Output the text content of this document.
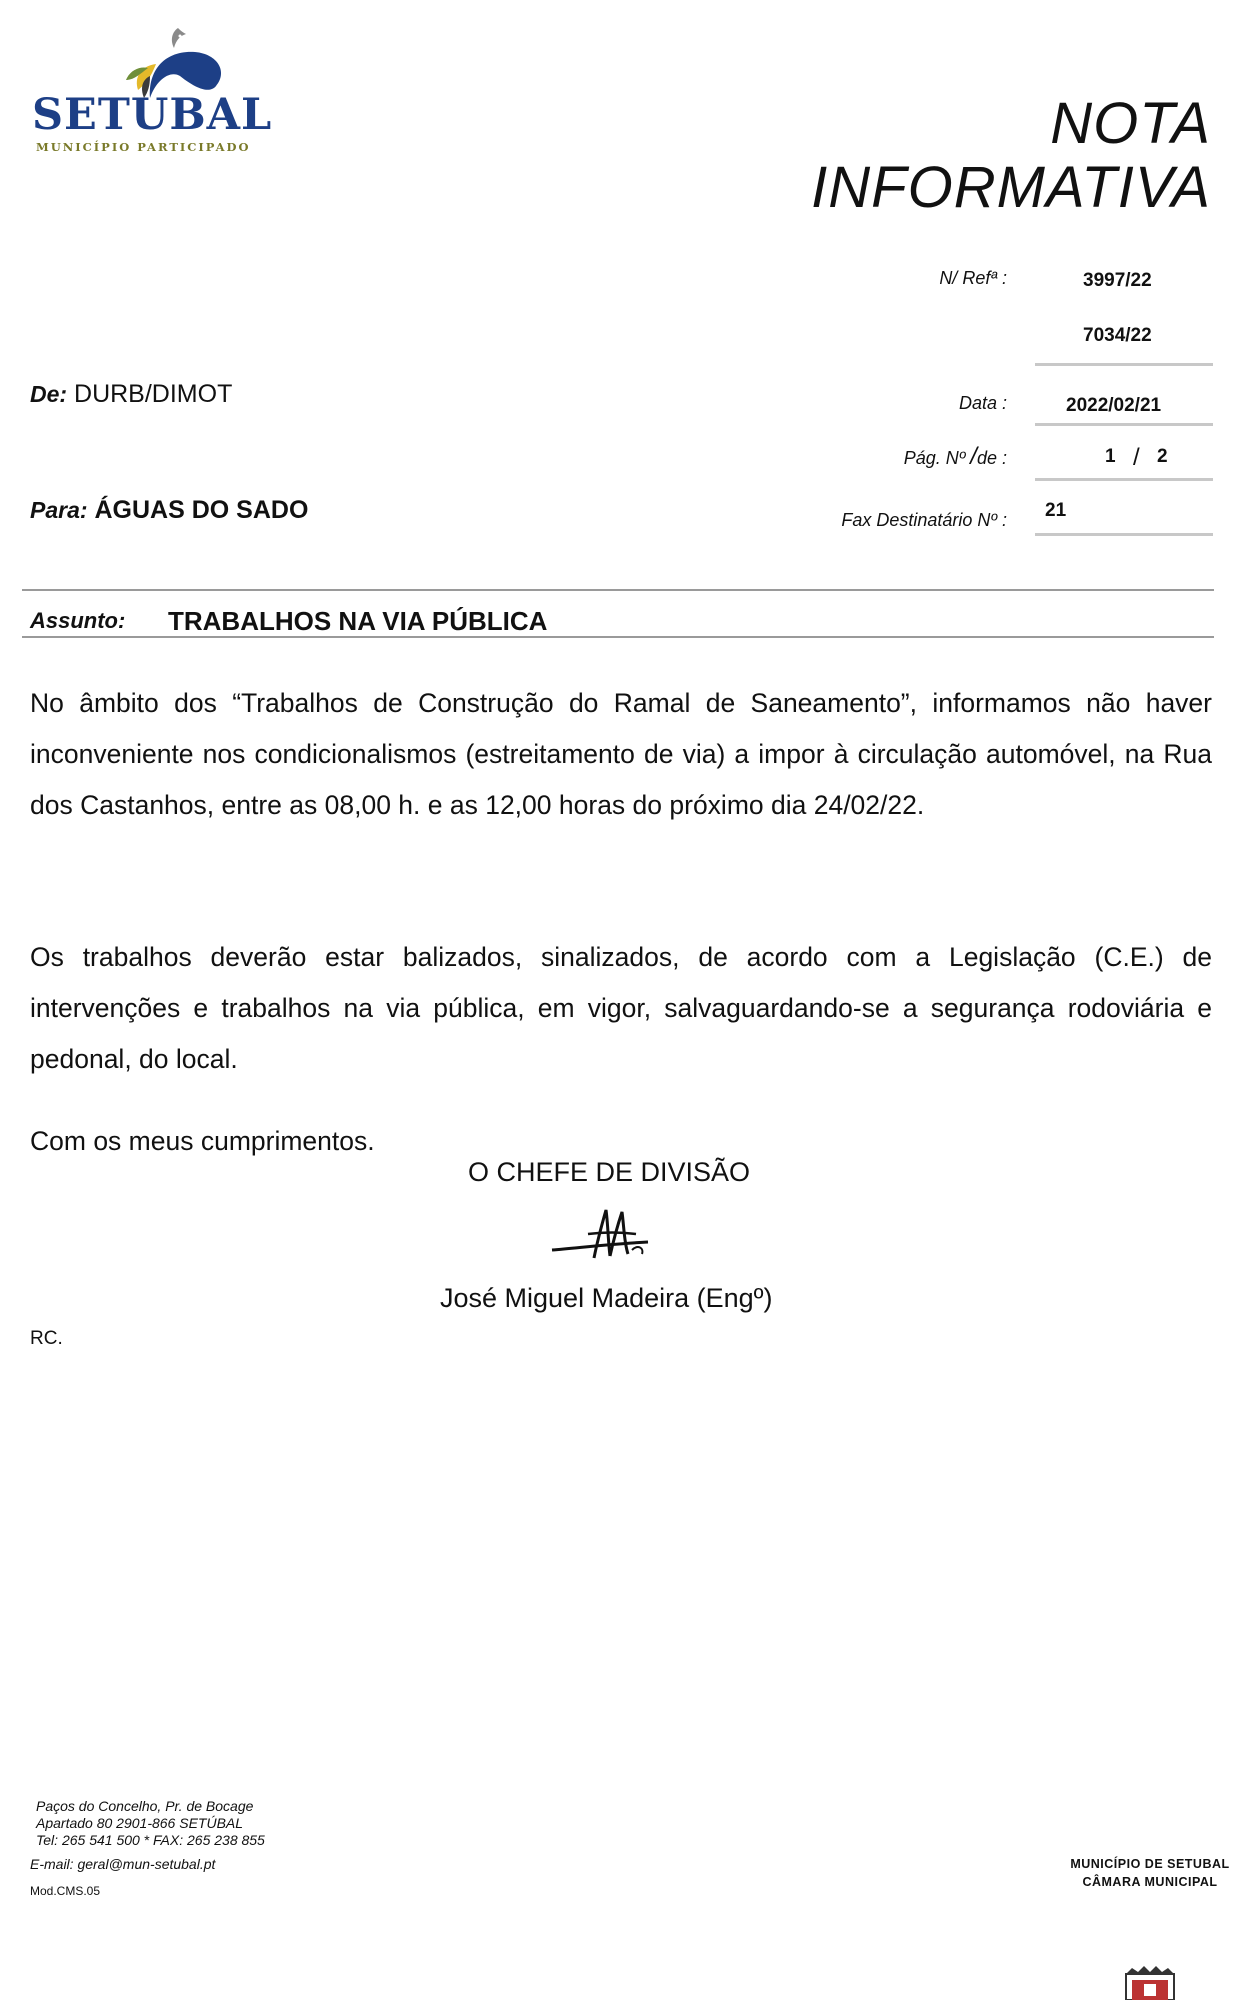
SETUBAL
MUNICÍPIO PARTICIPADO	NOTA
INFORMATIVA
N/ Refª :	3997/22
7034/22
De: DURB/DIMOT	Data :	2022/02/21
Pág. Nº /de :	1 / 2
Para: ÁGUAS DO SADO	Fax Destinatário Nº : 21
Assunto: TRABALHOS NA VIA PÚBLICA
No âmbito dos “Trabalhos de Construção do Ramal de Saneamento”, informamos não haver inconveniente nos condicionalismos (estreitamento de via) a impor à circulação automóvel, na Rua dos Castanhos, entre as 08,00 h. e as 12,00 horas do próximo dia 24/02/22.
Os trabalhos deverão estar balizados, sinalizados, de acordo com a Legislação (C.E.) de intervenções e trabalhos na via pública, em vigor, salvaguardando-se a segurança rodoviária e pedonal, do local.
Com os meus cumprimentos.
O CHEFE DE DIVISÃO
José Miguel Madeira (Engº)
RC.
Paços do Concelho, Pr. de Bocage
Apartado 80 2901-866 SETÚBAL
Tel: 265 541 500 * FAX: 265 238 855
E-mail: geral@mun-setubal.pt
Mod.CMS.05
MUNICÍPIO DE SETUBAL
CÂMARA MUNICIPAL
